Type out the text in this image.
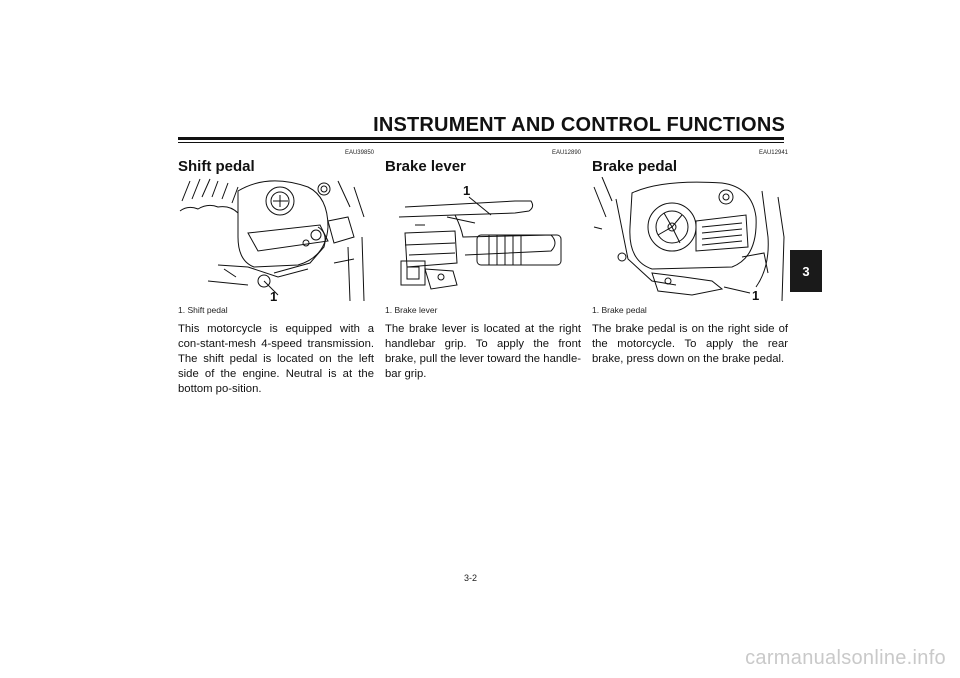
INSTRUMENT AND CONTROL FUNCTIONS
3
EAU39850
Shift pedal
1
1. Shift pedal
This motorcycle is equipped with a con-stant-mesh 4-speed transmission. The shift pedal is located on the left side of the engine. Neutral is at the bottom po-sition.
EAU12890
Brake lever
1
1. Brake lever
The brake lever is located at the right handlebar grip. To apply the front brake, pull the lever toward the handle-bar grip.
EAU12941
Brake pedal
1
1. Brake pedal
The brake pedal is on the right side of the motorcycle. To apply the rear brake, press down on the brake pedal.
3-2
carmanualsonline.info
